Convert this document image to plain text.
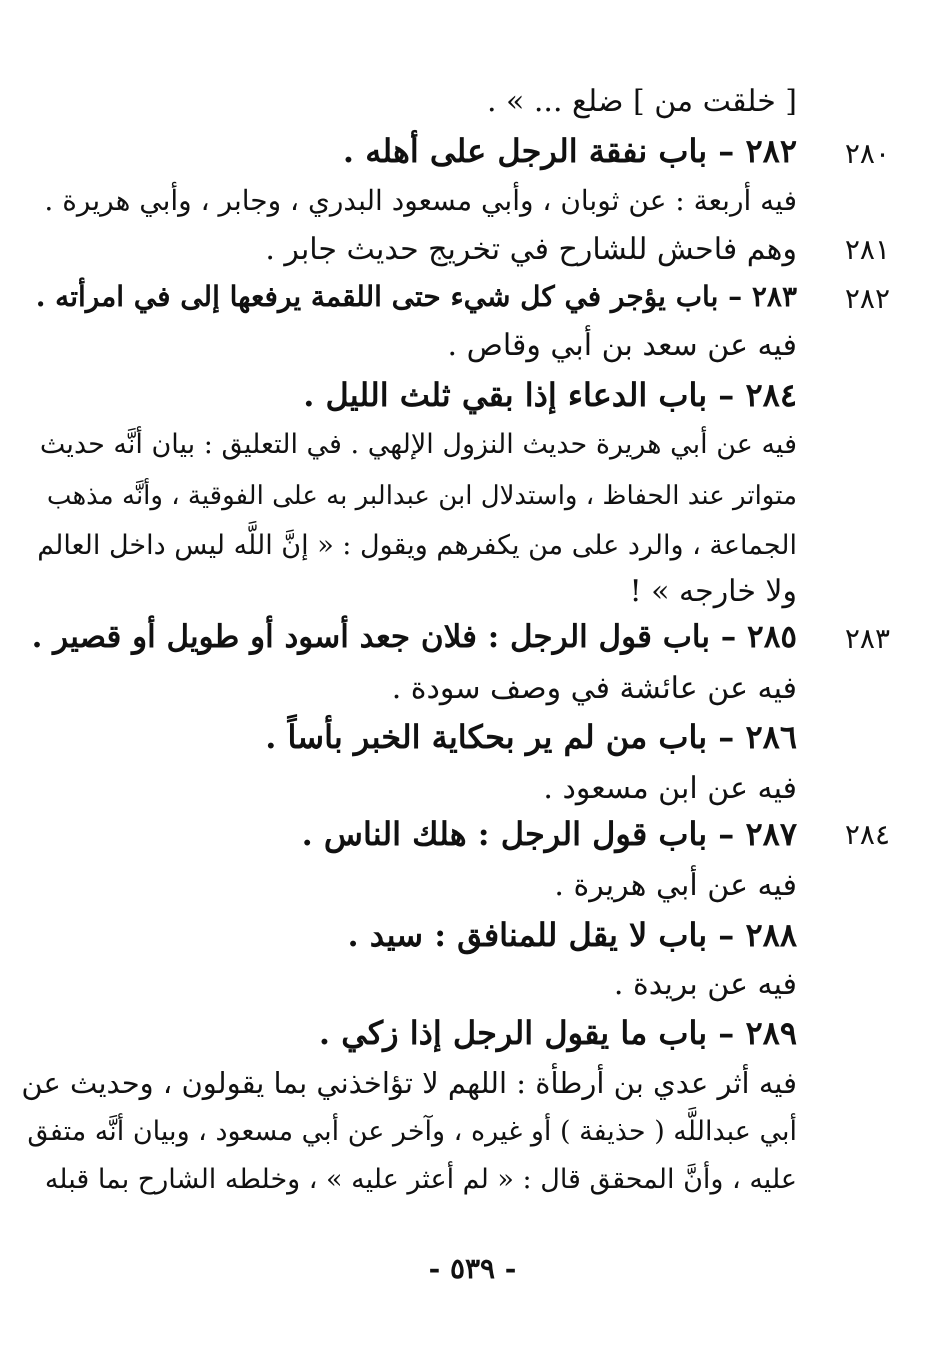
٢٨٠
٢٨١
٢٨٢
٢٨٣
٢٨٤
[ خلقت من ] ضلع ... » .
٢٨٢ – باب نفقة الرجل على أهله .
فيه أربعة : عن ثوبان ، وأبي مسعود البدري ، وجابر ، وأبي هريرة .
وهم فاحش للشارح في تخريج حديث جابر .
٢٨٣ – باب يؤجر في كل شيء حتى اللقمة يرفعها إلى في امرأته .
فيه عن سعد بن أبي وقاص .
٢٨٤ – باب الدعاء إذا بقي ثلث الليل .
فيه عن أبي هريرة حديث النزول الإلهي . في التعليق : بيان أنَّه حديث
متواتر عند الحفاظ ، واستدلال ابن عبدالبر به على الفوقية ، وأنَّه مذهب
الجماعة ، والرد على من يكفرهم ويقول : « إنَّ اللَّه ليس داخل العالم
ولا خارجه » !
٢٨٥ – باب قول الرجل : فلان جعد أسود أو طويل أو قصير .
فيه عن عائشة في وصف سودة .
٢٨٦ – باب من لم ير بحكاية الخبر بأساً .
فيه عن ابن مسعود .
٢٨٧ – باب قول الرجل : هلك الناس .
فيه عن أبي هريرة .
٢٨٨ – باب لا يقل للمنافق : سيد .
فيه عن بريدة .
٢٨٩ – باب ما يقول الرجل إذا زكي .
فيه أثر عدي بن أرطأة : اللهم لا تؤاخذني بما يقولون ، وحديث عن
أبي عبداللَّه ( حذيفة ) أو غيره ، وآخر عن أبي مسعود ، وبيان أنَّه متفق
عليه ، وأنَّ المحقق قال : « لم أعثر عليه » ، وخلطه الشارح بما قبله
- ٥٣٩ -
